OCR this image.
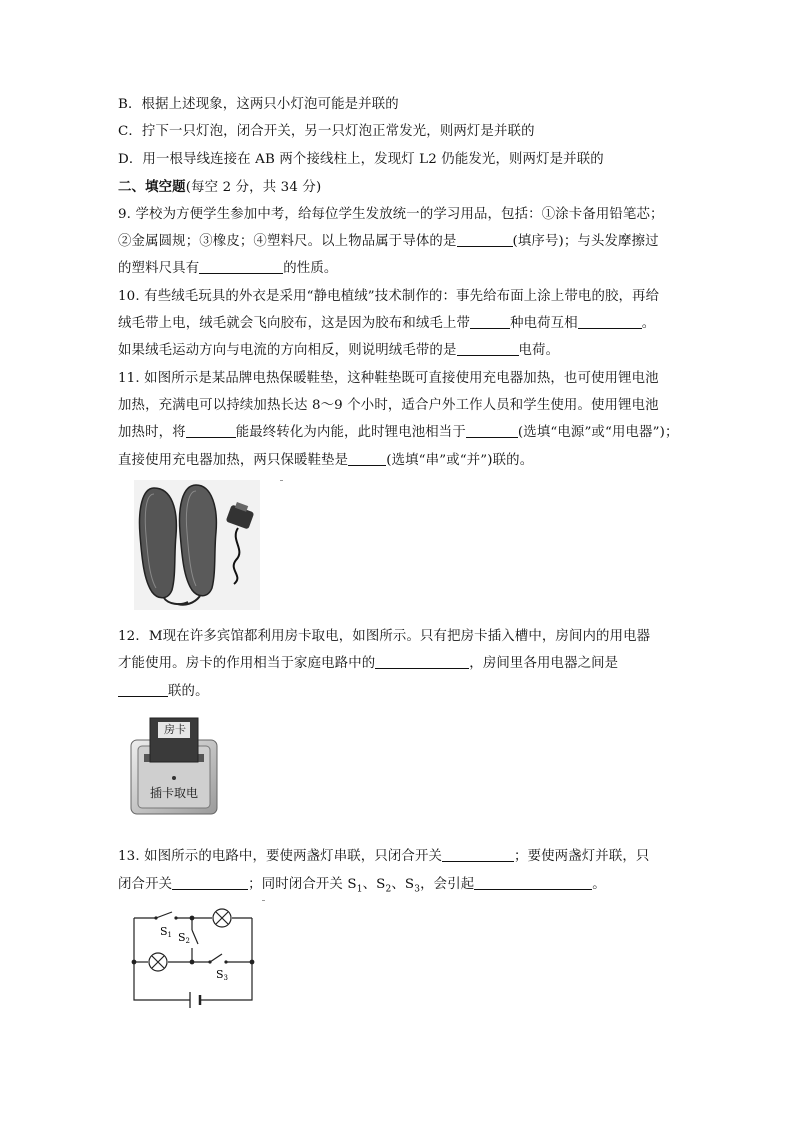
B．根据上述现象，这两只小灯泡可能是并联的
C．拧下一只灯泡，闭合开关，另一只灯泡正常发光，则两灯是并联的
D．用一根导线连接在 AB 两个接线柱上，发现灯 L2 仍能发光，则两灯是并联的
二、填空题(每空 2 分，共 34 分)
9. 学校为方便学生参加中考，给每位学生发放统一的学习用品，包括：①涂卡备用铅笔芯；
②金属圆规；③橡皮；④塑料尺。以上物品属于导体的是	(填序号)；与头发摩擦过
的塑料尺具有	的性质。
10. 有些绒毛玩具的外衣是采用“静电植绒”技术制作的：事先给布面上涂上带电的胶，再给
绒毛带上电，绒毛就会飞向胶布，这是因为胶布和绒毛上带	种电荷互相	。
如果绒毛运动方向与电流的方向相反，则说明绒毛带的是	电荷。
11. 如图所示是某品牌电热保暖鞋垫，这种鞋垫既可直接使用充电器加热，也可使用锂电池
加热，充满电可以持续加热长达 8～9 个小时，适合户外工作人员和学生使用。使用锂电池
加热时，将	能最终转化为内能，此时锂电池相当于	(选填“电源”或“用电器”)；
直接使用充电器加热，两只保暖鞋垫是	(选填“串”或“并”)联的。
12．M现在许多宾馆都利用房卡取电，如图所示。只有把房卡插入槽中，房间内的用电器
才能使用。房卡的作用相当于家庭电路中的	，房间里各用电器之间是
联的。
房卡
插卡取电
13. 如图所示的电路中，要使两盏灯串联，只闭合开关	；要使两盏灯并联，只
闭合开关	；同时闭合开关 $S_1$、$S_2$、$S_3$，会引起	。
S1 S2
S3
